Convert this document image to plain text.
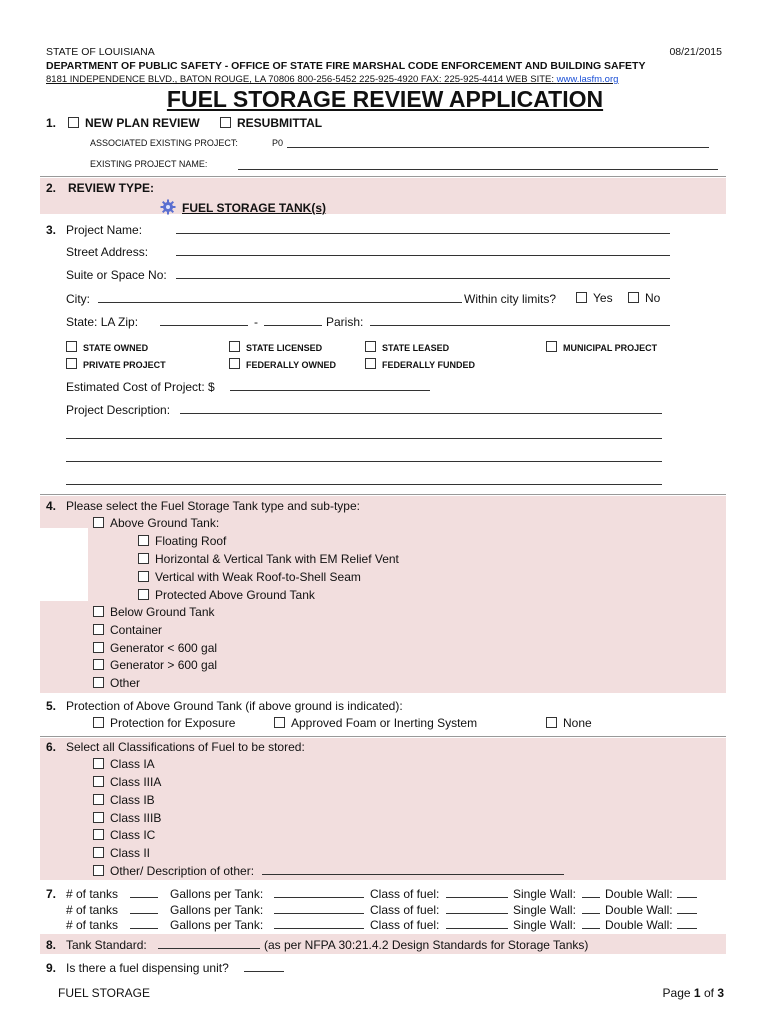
STATE OF LOUISIANA	08/21/2015
DEPARTMENT OF PUBLIC SAFETY - OFFICE OF STATE FIRE MARSHAL CODE ENFORCEMENT AND BUILDING SAFETY
8181 INDEPENDENCE BLVD., BATON ROUGE, LA 70806 800-256-5452 225-925-4920 FAX: 225-925-4414 WEB SITE: www.lasfm.org
FUEL STORAGE REVIEW APPLICATION
1.	NEW PLAN REVIEW	RESUBMITTAL
ASSOCIATED EXISTING PROJECT:	P0
EXISTING PROJECT NAME:
2. REVIEW TYPE:
FUEL STORAGE TANK(s)
3. Project Name:
Street Address:
Suite or Space No:
City:	Within city limits?	Yes	No
State: LA Zip:	-	Parish:
STATE OWNED	STATE LICENSED	STATE LEASED	MUNICIPAL PROJECT
PRIVATE PROJECT	FEDERALLY OWNED	FEDERALLY FUNDED
Estimated Cost of Project: $
Project Description:
4. Please select the Fuel Storage Tank type and sub-type:
Above Ground Tank:
Floating Roof
Horizontal & Vertical Tank with EM Relief Vent
Vertical with Weak Roof-to-Shell Seam
Protected Above Ground Tank
Below Ground Tank
Container
Generator < 600 gal
Generator > 600 gal
Other
5. Protection of Above Ground Tank (if above ground is indicated):
Protection for Exposure	Approved Foam or Inerting System	None
6. Select all Classifications of Fuel to be stored:
Class IA
Class IIIA
Class IB
Class IIIB
Class IC
Class II
Other/ Description of other:
7. # of tanks	Gallons per Tank:	Class of fuel:	Single Wall: Double Wall:
# of tanks	Gallons per Tank:	Class of fuel:	Single Wall: Double Wall:
# of tanks	Gallons per Tank:	Class of fuel:	Single Wall: Double Wall:
8. Tank Standard:	(as per NFPA 30:21.4.2 Design Standards for Storage Tanks)
9. Is there a fuel dispensing unit?
FUEL STORAGE	Page 1 of 3
